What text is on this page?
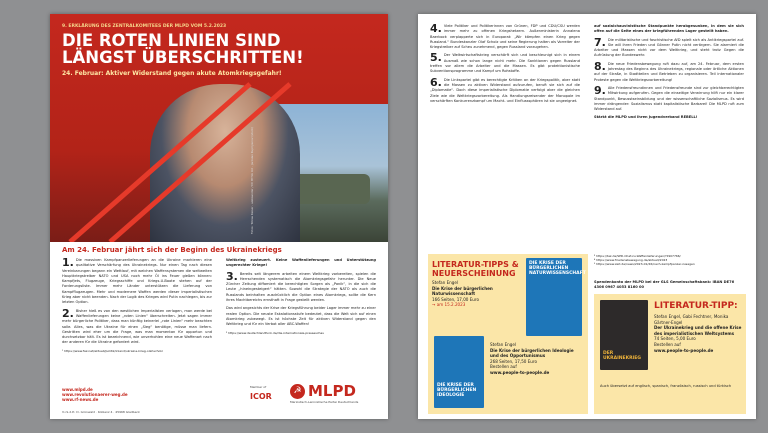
9. ERKLÄRUNG DES ZENTRALKOMITEES DER MLPD VOM 5.2.2023
DIE ROTEN LINIEN SIND LÄNGST ÜBERSCHRITTEN!
24. Februar: Aktiver Widerstand gegen akute Atomkriegsgefahr!
Fotos: Tobias Kaiser · aleksander / CC BY-SA 4.0 · Jaroslav Kupriyanov (stock)
Am 24. Februar jährt sich der Beginn des Ukrainekriegs

1. Die massiven Kampfpanzerlieferungen an die Ukraine markieren eine qualitative Verschärfung des Ukrainekriegs. Nur einen Tag nach diesen Vereinbarungen begann ein Wettlauf, mit welchen Waffensystemen die weltweiten Hauptkriegstreiber NATO und USA noch mehr Öl ins Feuer gießen können: Kampfjets, Flugzeuge, Kriegsschiffe und Kriegs-U-Boote stehen auf der Forderungsliste. Immer mehr Länder unterstützen die Lieferung von Kampfflugzeugen. Mehr und modernere Waffen werden dieser imperialistischen Krieg aber nicht beenden. Nach der Logik des Krieges wird Putin nachlegen, bis zur letzten Option.

2. Bisher hieß es von den westlichen Imperialisten verlogen, man werde bei Waffenlieferungen keine „roten Linien“ überschreiten. Jetzt sagen immer mehr bürgerliche Politiker, dass man künftig keinerlei „rote Linien“ mehr beachten solle. Alles, was die Ukraine für einen „Sieg“ benötige, müsse man liefern. Gestritten wird eher um die Frage, was man momentan für opportun und durchsetzbar hält. Es ist bezeichnend, wie unverhohlen eine neue Waffenart nach der anderen für die Ukraine gefordert wird.

¹ https://www.faz.net/aktuell/politik/inland/ukraine-krieg-olaf-scholz

Weltkrieg zusteuert. Keine Waffenlieferungen und Unterstützung ungerechter Kriege!

3. Bereits seit längerem arbeiten einem Weltkrieg vorbereiten, spielen die Herrschenden systematisch die Atomkriegsgefahr herunter. Die Neue Zürcher Zeitung diffamiert die berechtigten Sorgen als „Panik“, in die sich die Leute „hineingesteigert“ hätten. Sowohl die Strategie der NATO als auch die Russlands beinhalten ausdrücklich die Option eines Atomkriegs, sollte die Kern ihres Machtbereichs ernsthaft in Frage gestellt werden.

Das wird angesichts der Krise der Kriegsführung beider Lager immer mehr zu einer realen Option. Die neuste Eskalationsstufe bedeutet, dass die Welt sich auf einen Atomkrieg zubewegt. Es ist höchste Zeit für aktiven Widerstand gegen den Weltkrieg und für ein Verbot aller ABC-Waffen!

² https://www.deutschlandfunk.de/die-internationale-presseschau

www.mlpd.de
www.revolutionaerer-weg.de
www.rf-news.de
V.i.S.d.P.: D. Grünwald · Koblenz 4 · 45968 Gladbeck
Member of
ICOR
☭ MLPD
Marxistisch-Leninistische Partei Deutschlands

4. Viele Politiker und Politikerinnen von Grünen, FDP und CDU/CSU werden immer mehr zu offenen Kriegshetzern. Außenministerin Annalena Baerbock verplapperte sich in Europarat: „Wir kämpfen einen Krieg gegen Russland.“ Bundeskanzler Olaf Scholz und seine Regierung halten als Vorreiter der Kriegstreiber auf Scheu zunehmend, gegen Russland vorzugehen.

5. Der Weltwirtschaftskrieg verschärft sich und beschleunigt sich in einem Ausmaß wie schon lange nicht mehr. Die Sanktionen gegen Russland treffen vor allem die Arbeiter und die Massen. Es gibt protektionistische Subventionsprogramme und Kampf um Rohstoffe.

6. Die Linkspartei gibt es berechtigte Kritiken an der Kriegspolitik, aber statt die Massen zu aktiven Widerstand aufzurufen, beruft sie sich auf die „Diplomatie“. Doch diese imperialistische Diplomatie verfolgt aber die gleichen Ziele wie die Weltkriegsvorbereitung. Als Handlungsreisender der Monopole im verschärften Konkurrenzkampf um Macht- und Einflusssphären ist sie ungeeignet.

auf sozialchauvinistische Standpunkte herabgesunken, in dem sie sich offen auf die Seite eines der kriegführenden Lager gestellt haben.

7. Die militaristische und faschistische AfD spielt sich als Antikriegspartei auf. Sie will ihren Frieden und Gönner Putin nicht verärgern. Sie alarmiert die Arbeiter und Massen nicht vor dem Weltkrieg, und steht trotz Gegen die Aufrüstung der Bundeswehr.

8. Die neue Friedensbewegung ruft dazu auf, am 24. Februar, dem ersten Jahrestag des Beginns des Ukrainekriegs, regionale oder örtliche Aktionen auf der Straße, in Stadtteilen und Betrieben zu organisieren. Teil internationaler Proteste gegen die Weltkriegsvorbereitung!

9. Alle Friedensfreundinnen und Friedensfreunde sind zur gleichberechtigten Mitwirkung aufgerufen. Gegen die einseitige Verwirrung hilft nur ein klarer Standpunkt, Bewusstseinsbildung und der wissenschaftliche Sozialismus. Es wird immer drängender: Sozialismus statt kapitalistische Barbarei! Die MLPD ruft zum Widerstand auf.

Stärkt die MLPD und ihren Jugendverband REBELL!

³ https://taz.de/SPD-Chef-zu-Waffenlieferungen/!5907766/
⁴ https://www.friedensbewegung.de/aktuell/2023
⁵ https://www.zeit.de/news/2023-01/26/nach-kampfpanzer-zusagen
LITERATUR-TIPPS & NEUERSCHEINUNG
Stefan Engel
Die Krise der bürgerlichen Naturwissenschaft
166 Seiten, 17,00 Euro
→ am 15.2.2023
DIE KRISE DER BÜRGERLICHEN NATURWISSENSCHAFT
DIE KRISE DER BÜRGERLICHEN IDEOLOGIE
Stefan Engel
Die Krise der bürgerlichen Ideologie und des Opportunismus
268 Seiten, 17,50 Euro
Bestellen auf
www.people-to-people.de
Spendenkonto der MLPD bei der GLS Gemeinschaftsbank: IBAN DE76 4306 0967 4053 8160 00
DER UKRAINEKRIEG
LITERATUR-TIPP:
Stefan Engel, Gabi Fechtner, Monika Gärtner-Engel
Der Ukrainekrieg und die offene Krise des imperialistischen Weltsystems
74 Seiten, 5,00 Euro
Bestellen auf
www.people-to-people.de
Auch übersetzt auf englisch, spanisch, französisch, russisch und türkisch
